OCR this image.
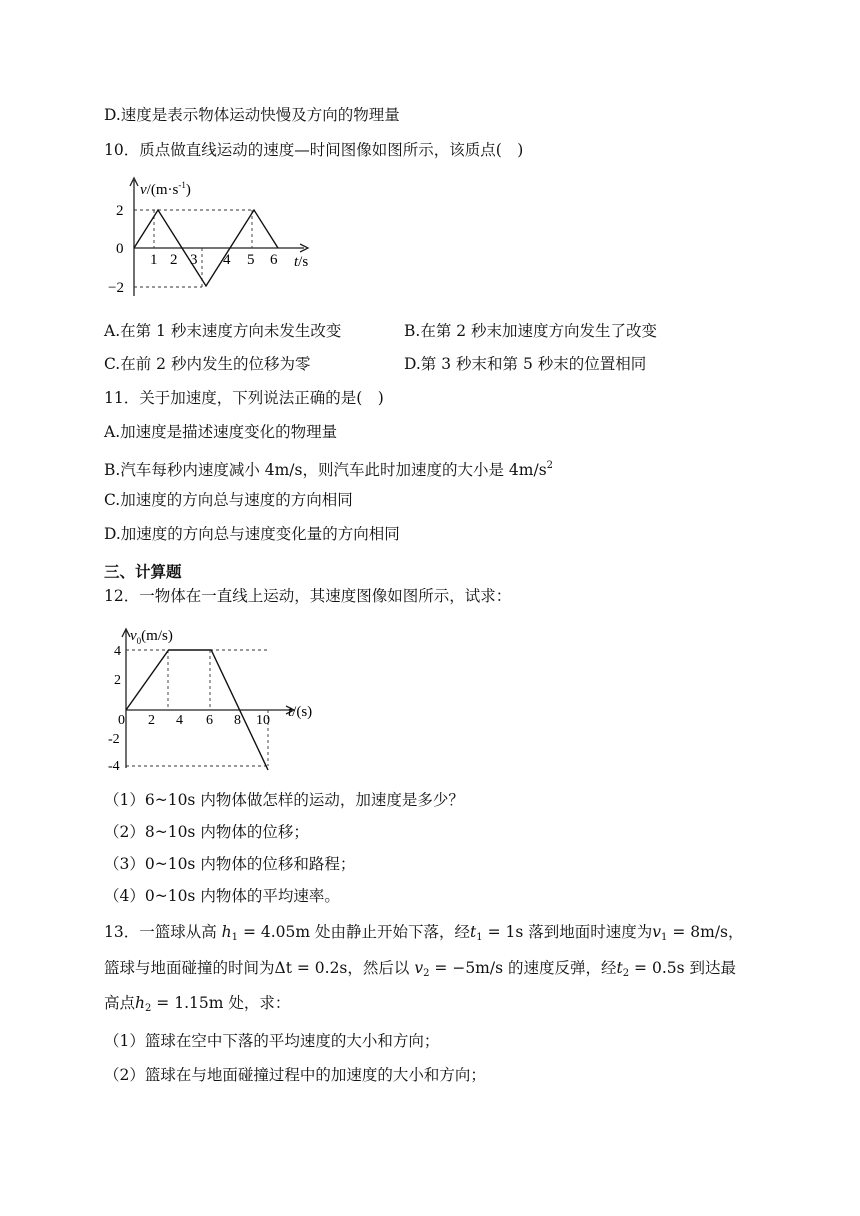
D.速度是表示物体运动快慢及方向的物理量
10．质点做直线运动的速度—时间图像如图所示，该质点(　)
$v/(m\cdot s^{-1})$
2
0
−2
1 2 3 4 5 6 t/s
A.在第 1 秒末速度方向未发生改变	B.在第 2 秒末加速度方向发生了改变
C.在前 2 秒内发生的位移为零	D.第 3 秒末和第 5 秒末的位置相同
11．关于加速度，下列说法正确的是(　)
A.加速度是描述速度变化的物理量
B.汽车每秒内速度减小 4m/s，则汽车此时加速度的大小是 $4m/s^2$
C.加速度的方向总与速度的方向相同
D.加速度的方向总与速度变化量的方向相同
三、计算题
12．一物体在一直线上运动，其速度图像如图所示，试求：
$v_0(m/s)$
4
2
-2
-4
0 2 4 6 8 10
t/(s)
（1）6~10s 内物体做怎样的运动，加速度是多少？
（2）8~10s 内物体的位移；
（3）0~10s 内物体的位移和路程；
（4）0~10s 内物体的平均速率。
13．一篮球从高 $h_1 = 4.05m$ 处由静止开始下落，经$t_1 = 1s$ 落到地面时速度为$v_1 = 8m/s$，
篮球与地面碰撞的时间为Δt = 0.2s，然后以 $v_2 = -5m/s$ 的速度反弹，经$t_2 = 0.5s$ 到达最
高点$h_2 = 1.15m$ 处，求：
（1）篮球在空中下落的平均速度的大小和方向；
（2）篮球在与地面碰撞过程中的加速度的大小和方向；
